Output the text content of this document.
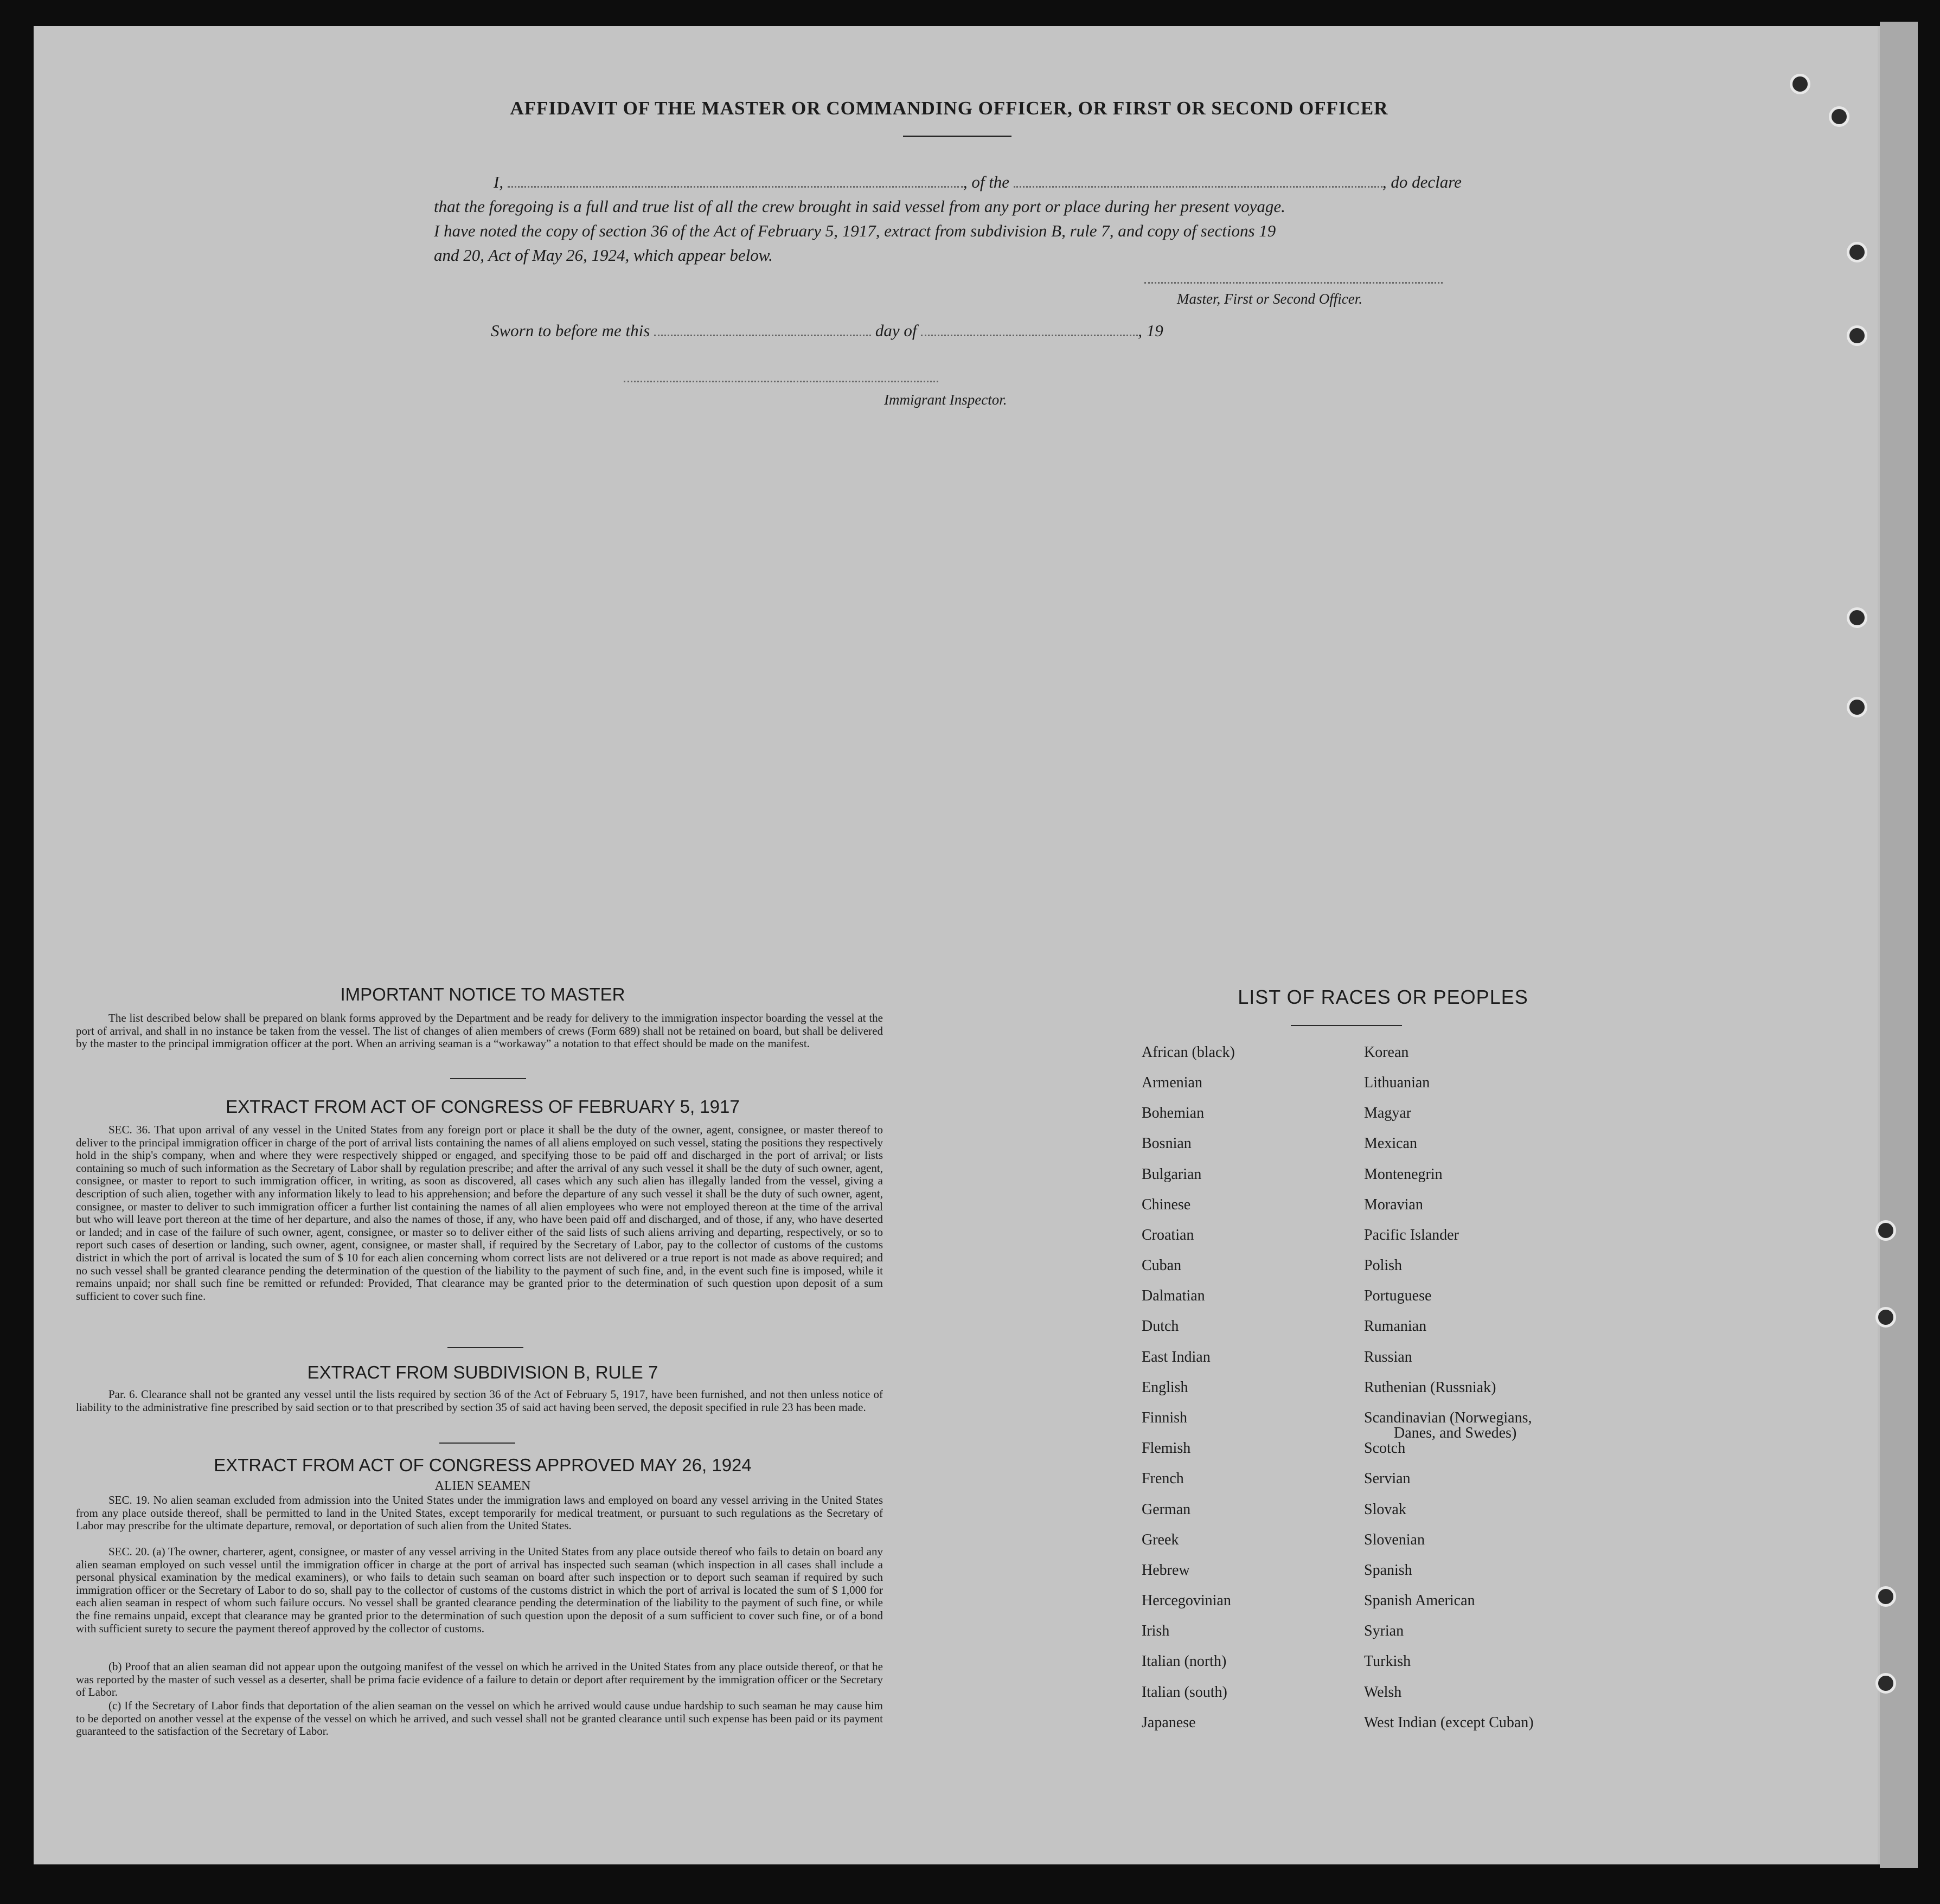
AFFIDAVIT OF THE MASTER OR COMMANDING OFFICER, OR FIRST OR SECOND OFFICER
I,	, of the	, do declare
that the foregoing is a full and true list of all the crew brought in said vessel from any port or place during her present voyage.
I have noted the copy of section 36 of the Act of February 5, 1917, extract from subdivision B, rule 7, and copy of sections 19
and 20, Act of May 26, 1924, which appear below.
Master, First or Second Officer.
Sworn to before me this	day of	, 19
Immigrant Inspector.
IMPORTANT NOTICE TO MASTER
The list described below shall be prepared on blank forms approved by the Department and be ready for delivery to the immigration inspector boarding the vessel at the port of arrival, and shall in no instance be taken from the vessel. The list of changes of alien members of crews (Form 689) shall not be retained on board, but shall be delivered by the master to the principal immigration officer at the port. When an arriving seaman is a “workaway” a notation to that effect should be made on the manifest.
EXTRACT FROM ACT OF CONGRESS OF FEBRUARY 5, 1917
SEC. 36. That upon arrival of any vessel in the United States from any foreign port or place it shall be the duty of the owner, agent, consignee, or master thereof to deliver to the principal immigration officer in charge of the port of arrival lists containing the names of all aliens employed on such vessel, stating the positions they respectively hold in the ship's company, when and where they were respectively shipped or engaged, and specifying those to be paid off and discharged in the port of arrival; or lists containing so much of such information as the Secretary of Labor shall by regulation prescribe; and after the arrival of any such vessel it shall be the duty of such owner, agent, consignee, or master to report to such immigration officer, in writing, as soon as discovered, all cases which any such alien has illegally landed from the vessel, giving a description of such alien, together with any information likely to lead to his apprehension; and before the departure of any such vessel it shall be the duty of such owner, agent, consignee, or master to deliver to such immigration officer a further list containing the names of all alien employees who were not employed thereon at the time of the arrival but who will leave port thereon at the time of her departure, and also the names of those, if any, who have been paid off and discharged, and of those, if any, who have deserted or landed; and in case of the failure of such owner, agent, consignee, or master so to deliver either of the said lists of such aliens arriving and departing, respectively, or so to report such cases of desertion or landing, such owner, agent, consignee, or master shall, if required by the Secretary of Labor, pay to the collector of customs of the customs district in which the port of arrival is located the sum of $ 10 for each alien concerning whom correct lists are not delivered or a true report is not made as above required; and no such vessel shall be granted clearance pending the determination of the question of the liability to the payment of such fine, and, in the event such fine is imposed, while it remains unpaid; nor shall such fine be remitted or refunded: Provided, That clearance may be granted prior to the determination of such question upon deposit of a sum sufficient to cover such fine.
EXTRACT FROM SUBDIVISION B, RULE 7
Par. 6. Clearance shall not be granted any vessel until the lists required by section 36 of the Act of February 5, 1917, have been furnished, and not then unless notice of liability to the administrative fine prescribed by said section or to that prescribed by section 35 of said act having been served, the deposit specified in rule 23 has been made.
EXTRACT FROM ACT OF CONGRESS APPROVED MAY 26, 1924
ALIEN SEAMEN
SEC. 19. No alien seaman excluded from admission into the United States under the immigration laws and employed on board any vessel arriving in the United States from any place outside thereof, shall be permitted to land in the United States, except temporarily for medical treatment, or pursuant to such regulations as the Secretary of Labor may prescribe for the ultimate departure, removal, or deportation of such alien from the United States.
SEC. 20. (a) The owner, charterer, agent, consignee, or master of any vessel arriving in the United States from any place outside thereof who fails to detain on board any alien seaman employed on such vessel until the immigration officer in charge at the port of arrival has inspected such seaman (which inspection in all cases shall include a personal physical examination by the medical examiners), or who fails to detain such seaman on board after such inspection or to deport such seaman if required by such immigration officer or the Secretary of Labor to do so, shall pay to the collector of customs of the customs district in which the port of arrival is located the sum of $ 1,000 for each alien seaman in respect of whom such failure occurs. No vessel shall be granted clearance pending the determination of the liability to the payment of such fine, or while the fine remains unpaid, except that clearance may be granted prior to the determination of such question upon the deposit of a sum sufficient to cover such fine, or of a bond with sufficient surety to secure the payment thereof approved by the collector of customs.
(b) Proof that an alien seaman did not appear upon the outgoing manifest of the vessel on which he arrived in the United States from any place outside thereof, or that he was reported by the master of such vessel as a deserter, shall be prima facie evidence of a failure to detain or deport after requirement by the immigration officer or the Secretary of Labor.
(c) If the Secretary of Labor finds that deportation of the alien seaman on the vessel on which he arrived would cause undue hardship to such seaman he may cause him to be deported on another vessel at the expense of the vessel on which he arrived, and such vessel shall not be granted clearance until such expense has been paid or its payment guaranteed to the satisfaction of the Secretary of Labor.
LIST OF RACES OR PEOPLES
African (black)
Armenian
Bohemian
Bosnian
Bulgarian
Chinese
Croatian
Cuban
Dalmatian
Dutch
East Indian
English
Finnish
Flemish
French
German
Greek
Hebrew
Hercegovinian
Irish
Italian (north)
Italian (south)
Japanese
Korean
Lithuanian
Magyar
Mexican
Montenegrin
Moravian
Pacific Islander
Polish
Portuguese
Rumanian
Russian
Ruthenian (Russniak)
Scandinavian (Norwegians,
Danes, and Swedes)
Scotch
Servian
Slovak
Slovenian
Spanish
Spanish American
Syrian
Turkish
Welsh
West Indian (except Cuban)
